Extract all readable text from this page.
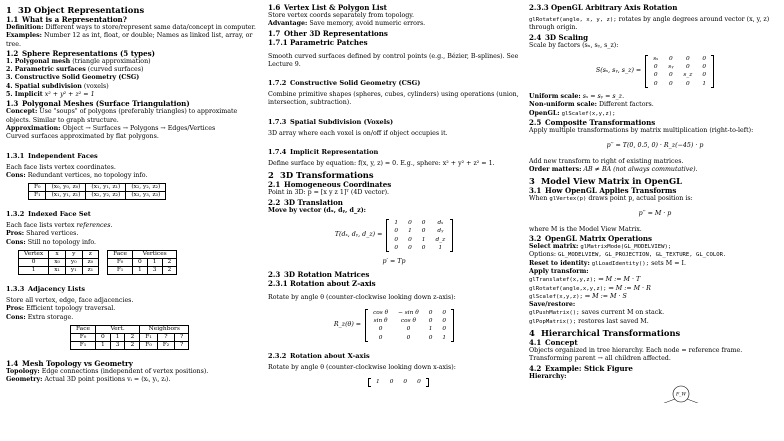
1 3D Object Representations
1.1 What is a Representation?

Definition: Different ways to store/represent same data/concept in computer.

Examples: Number 12 as int, float, or double; Names as linked list, array, or tree.

1.2 Sphere Representations (5 types)

1. Polygonal mesh (triangle approximation)

2. Parametric surfaces (curved surfaces)

3. Constructive Solid Geometry (CSG)

4. Spatial subdivision (voxels)

5. Implicit x² + y² + z² = 1

1.3 Polygonal Meshes (Surface Triangulation)

Concept: Use "soups" of polygons (preferably triangles) to approximate objects. Similar to graph structure.

Approximation: Object → Surfaces → Polygons → Edges/Vertices

Curved surfaces approximated by flat polygons.

1.3.1 Independent Faces

Each face lists vertex coordinates.

Cons: Redundant vertices, no topology info.

F₀	(x₀, y₀, z₀)	(x₁, y₁, z₁)	(x₂, y₂, z₂)
F₁	(x₁, y₁, z₁)	(x₂, y₂, z₂)	(x₃, y₃, z₃)
1.3.2 Indexed Face Set

Each face lists vertex references.

Pros: Shared vertices.

Cons: Still no topology info.

Vertex	x	y	z
0	x₀	y₀	z₀
1	x₁	y₁	z₁
Face	Vertices		
F₀	0	1	2
F₁	1	3	2
1.3.3 Adjacency Lists

Store all vertex, edge, face adjacencies.

Pros: Efficient topology traversal.

Cons: Extra storage.

Face	Vert.			Neighbors		
F₀	0	1	2	F₁	?	?
F₁	1	3	2	F₀	F₂	?
1.4 Mesh Topology vs Geometry

Topology: Edge connections (independent of vertex positions).

Geometry: Actual 3D point positions vᵢ = (xᵢ, yᵢ, zᵢ).

1.6 Vertex List & Polygon List

Store vertex coords separately from topology.

Advantage: Save memory, avoid numeric errors.

1.7 Other 3D Representations
1.7.1 Parametric Patches

Smooth curved surfaces defined by control points (e.g., Bézier, B-splines). See Lecture 9.

1.7.2 Constructive Solid Geometry (CSG)

Combine primitive shapes (spheres, cubes, cylinders) using operations (union, intersection, subtraction).

1.7.3 Spatial Subdivision (Voxels)

3D array where each voxel is on/off if object occupies it.

1.7.4 Implicit Representation

Define surface by equation: f(x, y, z) = 0. E.g., sphere: x² + y² + z² = 1.

2 3D Transformations
2.1 Homogeneous Coordinates

Point in 3D: p = [x y z 1]ᵀ (4D vector).

2.2 3D Translation

Move by vector (dₓ, dᵧ, d_z):

T(dₓ, dᵧ, d_z) =
1	0	0	dₓ
0	1	0	dᵧ
0	0	1	d_z
0	0	0	1
p′ = Tp
2.3 3D Rotation Matrices
2.3.1 Rotation about Z-axis

Rotate by angle θ (counter-clockwise looking down z-axis):

R_z(θ) =
cos θ	− sin θ	0	0
sin θ	cos θ	0	0
0	0	1	0
0	0	0	1
2.3.2 Rotation about X-axis

Rotate by angle θ (counter-clockwise looking down x-axis):

1	0	0	0
2.3.3 OpenGL Arbitrary Axis Rotation

glRotatef(angle, x, y, z); rotates by angle degrees around vector (x, y, z) through origin.

2.4 3D Scaling

Scale by factors (sₓ, sᵧ, s_z):

S(sₓ, sᵧ, s_z) =
sₓ	0	0	0
0	sᵧ	0	0
0	0	s_z	0
0	0	0	1

Uniform scale: sₓ = sᵧ = s_z.

Non-uniform scale: Different factors.

OpenGL: glScalef(x,y,z);

2.5 Composite Transformations

Apply multiple transformations by matrix multiplication (right-to-left):

p′′ = T(0, 0.5, 0) · R_z(−45) · p

Add new transform to right of existing matrices.

Order matters: AB ≠ BA (not always commutative).

3 Model View Matrix in OpenGL
3.1 How OpenGL Applies Transforms

When glVertex(p) draws point p, actual position is:

p′′ = M · p

where M is the Model View Matrix.

3.2 OpenGL Matrix Operations

Select matrix: glMatrixMode(GL_MODELVIEW);

Options: GL_MODELVIEW, GL_PROJECTION, GL_TEXTURE, GL_COLOR.

Reset to identity: glLoadIdentity(); sets M = I.

Apply transform:

glTranslatef(x,y,z); ⇒ M := M · T

glRotatef(angle,x,y,z); ⇒ M := M · R

glScalef(x,y,z); ⇒ M := M · S

Save/restore:

glPushMatrix(); saves current M on stack.

glPopMatrix(); restores last saved M.

4 Hierarchical Transformations
4.1 Concept

Objects organized in tree hierarchy. Each node = reference frame.

Transforming parent → all children affected.

4.2 Example: Stick Figure

Hierarchy:

F_W
